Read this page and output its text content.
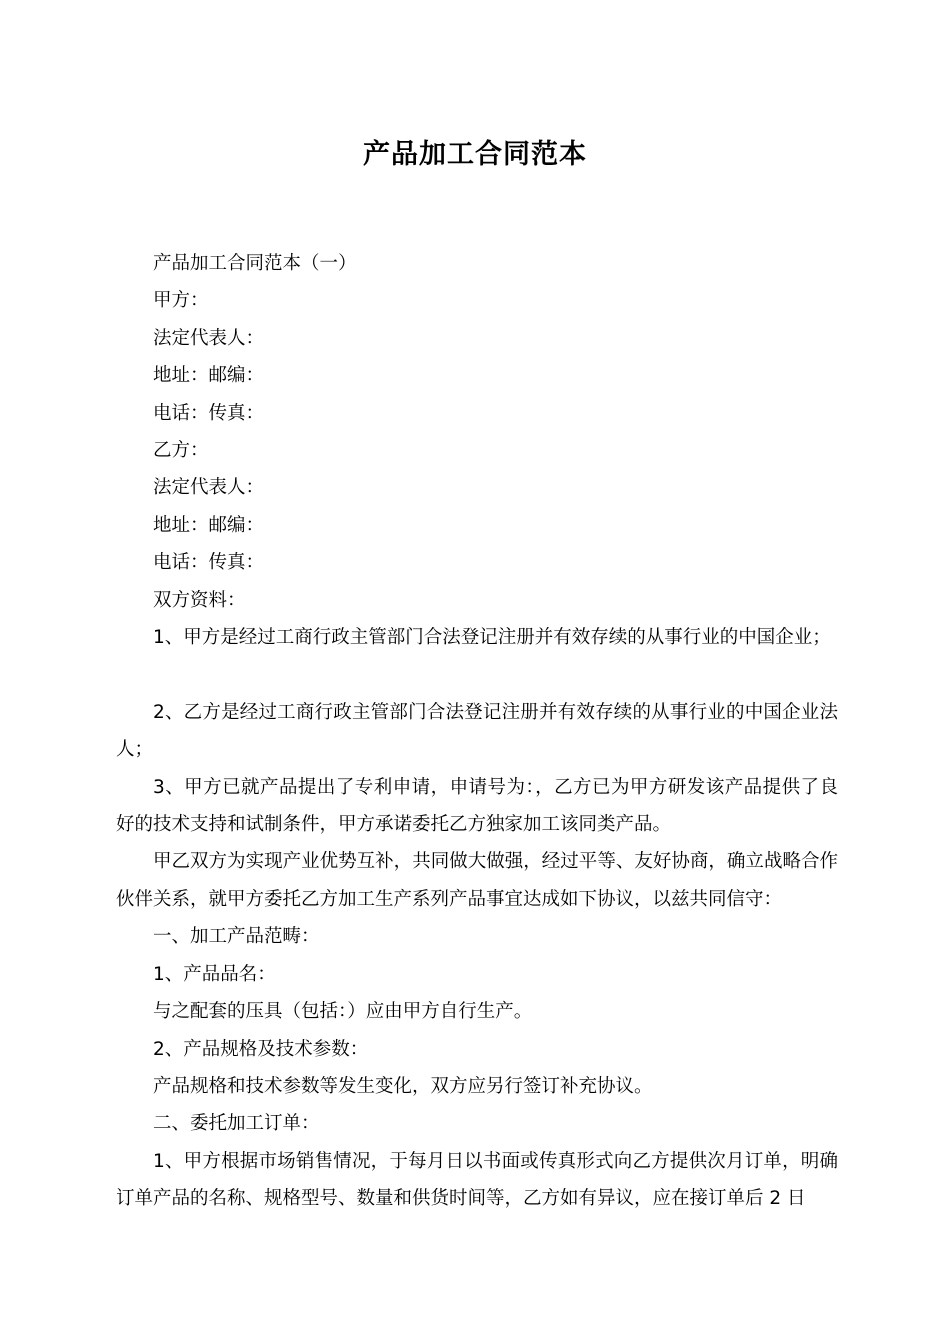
产品加工合同范本

产品加工合同范本（一）

甲方：

法定代表人：

地址：邮编：

电话：传真：

乙方：

法定代表人：

地址：邮编：

电话：传真：

双方资料：

1、甲方是经过工商行政主管部门合法登记注册并有效存续的从事行业的中国企业；

2、乙方是经过工商行政主管部门合法登记注册并有效存续的从事行业的中国企业法人；

3、甲方已就产品提出了专利申请，申请号为：，乙方已为甲方研发该产品提供了良好的技术支持和试制条件，甲方承诺委托乙方独家加工该同类产品。

甲乙双方为实现产业优势互补，共同做大做强，经过平等、友好协商，确立战略合作伙伴关系，就甲方委托乙方加工生产系列产品事宜达成如下协议，以兹共同信守：

一、加工产品范畴：

1、产品品名：

与之配套的压具（包括：）应由甲方自行生产。

2、产品规格及技术参数：

产品规格和技术参数等发生变化，双方应另行签订补充协议。

二、委托加工订单：

1、甲方根据市场销售情况，于每月日以书面或传真形式向乙方提供次月订单，明确订单产品的名称、规格型号、数量和供货时间等，乙方如有异议，应在接订单后 2 日
